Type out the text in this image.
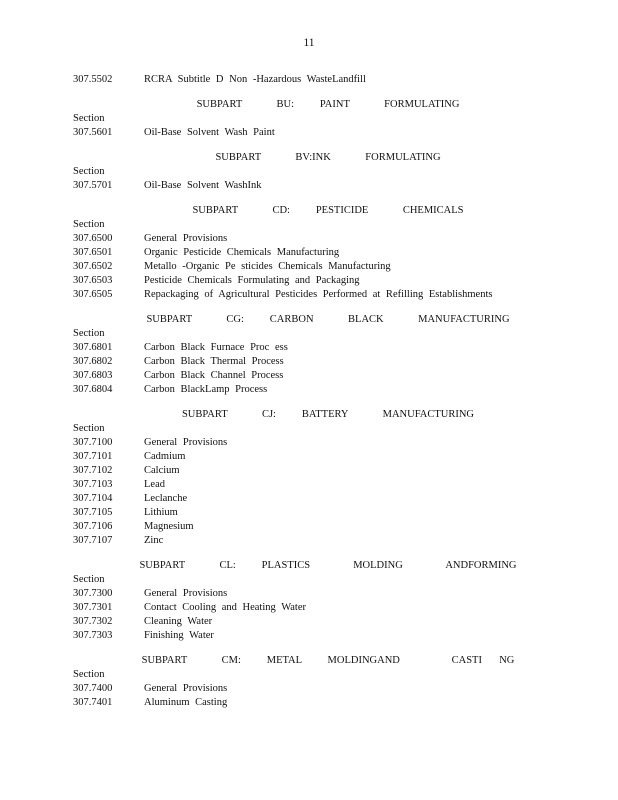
11
307.5502	RCRA Subtitle D Non -Hazardous WasteLandfill
SUBPART    BU:   PAINT    FORMULATING
Section
307.5601	Oil-Base Solvent Wash Paint
SUBPART    BV:INK    FORMULATING
Section
307.5701	Oil-Base Solvent WashInk
SUBPART    CD:   PESTICIDE    CHEMICALS
Section
307.6500	General Provisions
307.6501	Organic Pesticide Chemicals Manufacturing
307.6502	Metallo -Organic Pe sticides Chemicals Manufacturing
307.6503	Pesticide Chemicals Formulating and Packaging
307.6505	Repackaging of Agricultural Pesticides Performed at Refilling Establishments
SUBPART    CG:   CARBON    BLACK    MANUFACTURING
Section
307.6801	Carbon Black Furnace Proc ess
307.6802	Carbon Black Thermal Process
307.6803	Carbon Black Channel Process
307.6804	Carbon BlackLamp Process
SUBPART    CJ:   BATTERY    MANUFACTURING
Section
307.7100	General Provisions
307.7101	Cadmium
307.7102	Calcium
307.7103	Lead
307.7104	Leclanche
307.7105	Lithium
307.7106	Magnesium
307.7107	Zinc
SUBPART    CL:   PLASTICS     MOLDING     ANDFORMING
Section
307.7300	General Provisions
307.7301	Contact Cooling and Heating Water
307.7302	Cleaning Water
307.7303	Finishing Water
SUBPART    CM:   METAL   MOLDINGAND      CASTI  NG
Section
307.7400	General Provisions
307.7401	Aluminum Casting
